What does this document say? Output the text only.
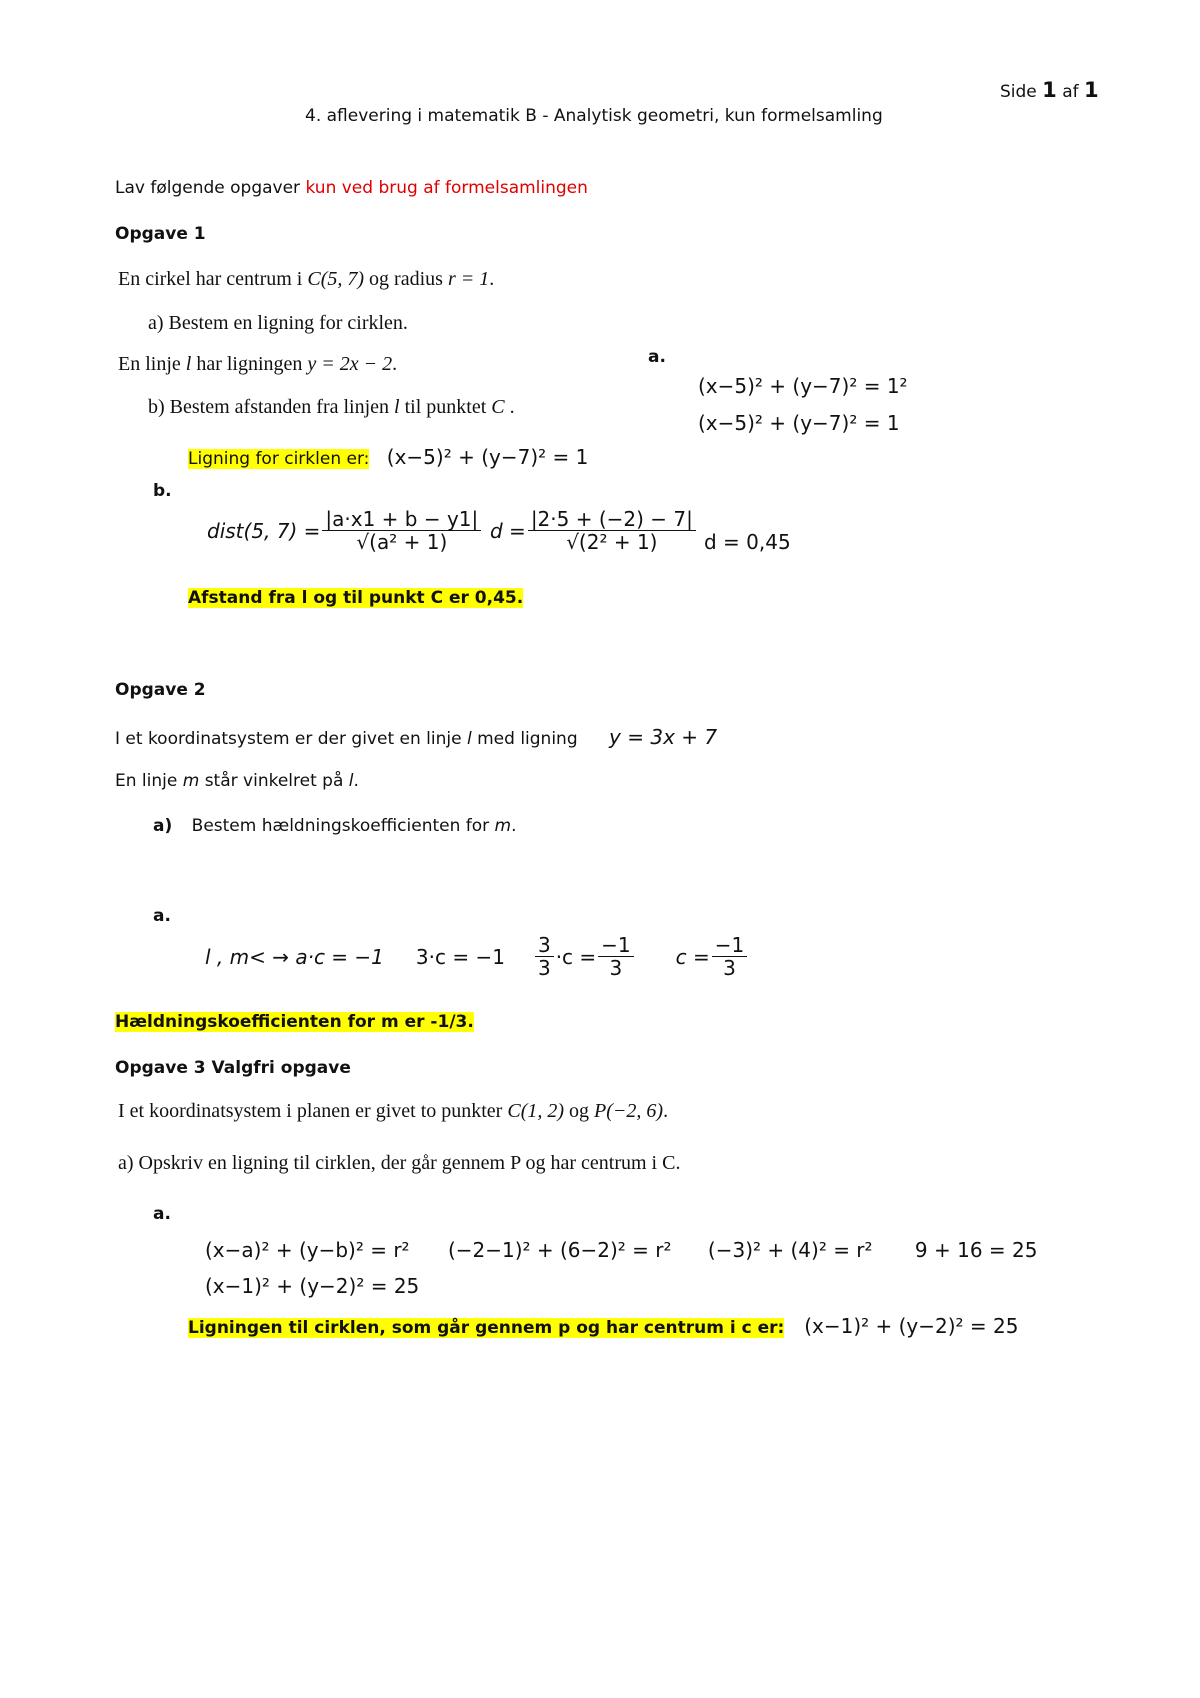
Side 1 af 1
4. aflevering i matematik B - Analytisk geometri, kun formelsamling
Lav følgende opgaver kun ved brug af formelsamlingen
Opgave 1
En cirkel har centrum i C(5, 7) og radius r = 1.
a) Bestem en ligning for cirklen.
En linje l har ligningen y = 2x − 2.
b) Bestem afstanden fra linjen l til punktet C .
a.
(x−5)² + (y−7)² = 1²
(x−5)² + (y−7)² = 1
Ligning for cirklen er: (x−5)² + (y−7)² = 1
b.
dist(5, $7) = \frac{|a\cdot x1 + b - y1|}{\text{√(a² + 1)}}$ $d = \frac{|2\cdot 5 + (-2) - 7|}{\text{√(2² + 1)}}$ d = 0,45
Afstand fra l og til punkt C er 0,45.
Opgave 2
I et koordinatsystem er der givet en linje l med ligning y = 3x + 7
En linje m står vinkelret på l.
a) Bestem hældningskoefficienten for m.
a.
l , m< → a·c = −1 $3\cdot c = -1 \frac{3}{3} \cdot c = \frac{-1}{3}$ $c = \frac{-1}{3}$
Hældningskoefficienten for m er -1/3.
Opgave 3 Valgfri opgave
I et koordinatsystem i planen er givet to punkter C(1, 2) og P(−2, 6).
a) Opskriv en ligning til cirklen, der går gennem P og har centrum i C.
a.
(x−a)² + (y−b)² = r² (−2−1)² + (6−2)² = r² (−3)² + (4)² = r² 9 + 16 = 25
(x−1)² + (y−2)² = 25
Ligningen til cirklen, som går gennem p og har centrum i c er: (x−1)² + (y−2)² = 25
